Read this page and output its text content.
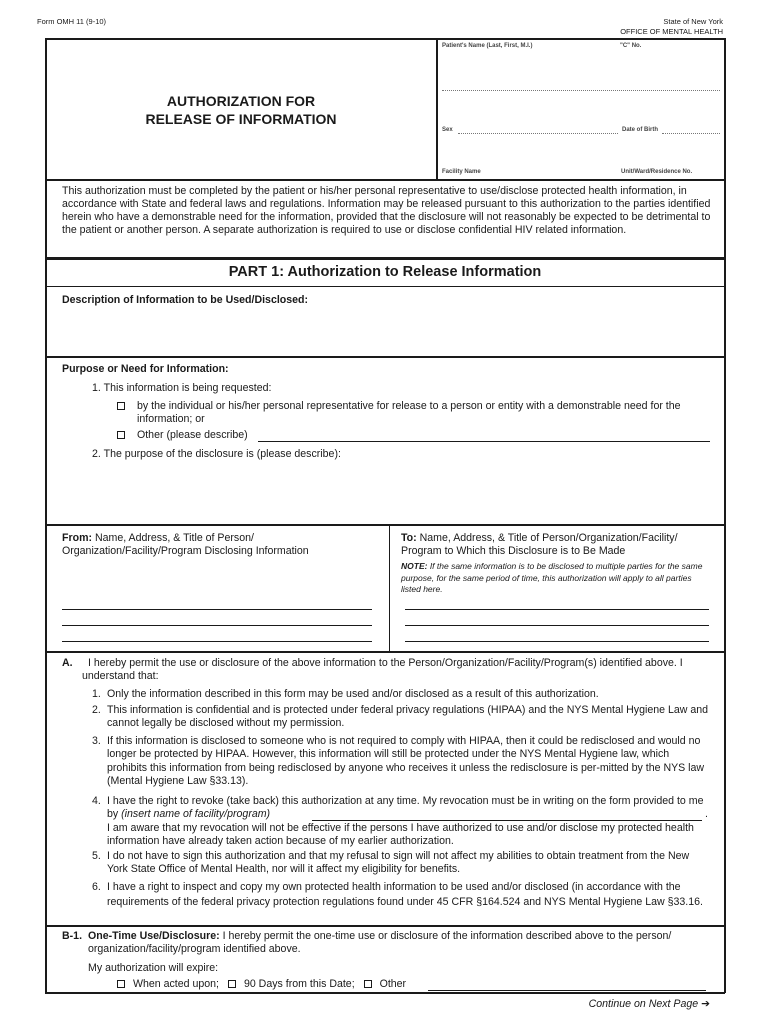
Form OMH 11 (9-10)	State of New York
OFFICE OF MENTAL HEALTH
AUTHORIZATION FOR
RELEASE OF INFORMATION
Patient's Name (Last, First, M.I.)	"C" No.
Sex	Date of Birth
Facility Name	Unit/Ward/Residence No.
This authorization must be completed by the patient or his/her personal representative to use/disclose protected health information, in accordance with State and federal laws and regulations. Information may be released pursuant to this authorization to the parties identified herein who have a demonstrable need for the information, provided that the disclosure will not reasonably be expected to be detrimental to the patient or another person. A separate authorization is required to use or disclose confidential HIV related information.
PART 1: Authorization to Release Information
Description of Information to be Used/Disclosed:
Purpose or Need for Information:
1. This information is being requested:
by the individual or his/her personal representative for release to a person or entity with a demonstrable need for the information; or
Other (please describe)
2. The purpose of the disclosure is (please describe):
From: Name, Address, & Title of Person/ Organization/Facility/Program Disclosing Information
To: Name, Address, & Title of Person/Organization/Facility/ Program to Which this Disclosure is to Be Made
NOTE: If the same information is to be disclosed to multiple parties for the same purpose, for the same period of time, this authorization will apply to all parties listed here.
A.	I hereby permit the use or disclosure of the above information to the Person/Organization/Facility/Program(s) identified above. I understand that:
1. Only the information described in this form may be used and/or disclosed as a result of this authorization.
2. This information is confidential and is protected under federal privacy regulations (HIPAA) and the NYS Mental Hygiene Law and cannot legally be disclosed without my permission.
3. If this information is disclosed to someone who is not required to comply with HIPAA, then it could be redisclosed and would no longer be protected by HIPAA. However, this information will still be protected under the NYS Mental Hygiene law, which prohibits this information from being redisclosed by anyone who receives it unless the redisclosure is per-mitted by the NYS law (Mental Hygiene Law §33.13).
4. I have the right to revoke (take back) this authorization at any time. My revocation must be in writing on the form provided to me by (insert name of facility/program)
I am aware that my revocation will not be effective if the persons I have authorized to use and/or disclose my protected health information have already taken action because of my earlier authorization.
.
5. I do not have to sign this authorization and that my refusal to sign will not affect my abilities to obtain treatment from the New York State Office of Mental Health, nor will it affect my eligibility for benefits.
6. I have a right to inspect and copy my own protected health information to be used and/or disclosed (in accordance with the requirements of the federal privacy protection regulations found under 45 CFR §164.524 and NYS Mental Hygiene Law §33.16.
B-1. One-Time Use/Disclosure: I hereby permit the one-time use or disclosure of the information described above to the person/ organization/facility/program identified above.
My authorization will expire:
When acted upon; 90 Days from this Date; Other
Continue on Next Page ➔
